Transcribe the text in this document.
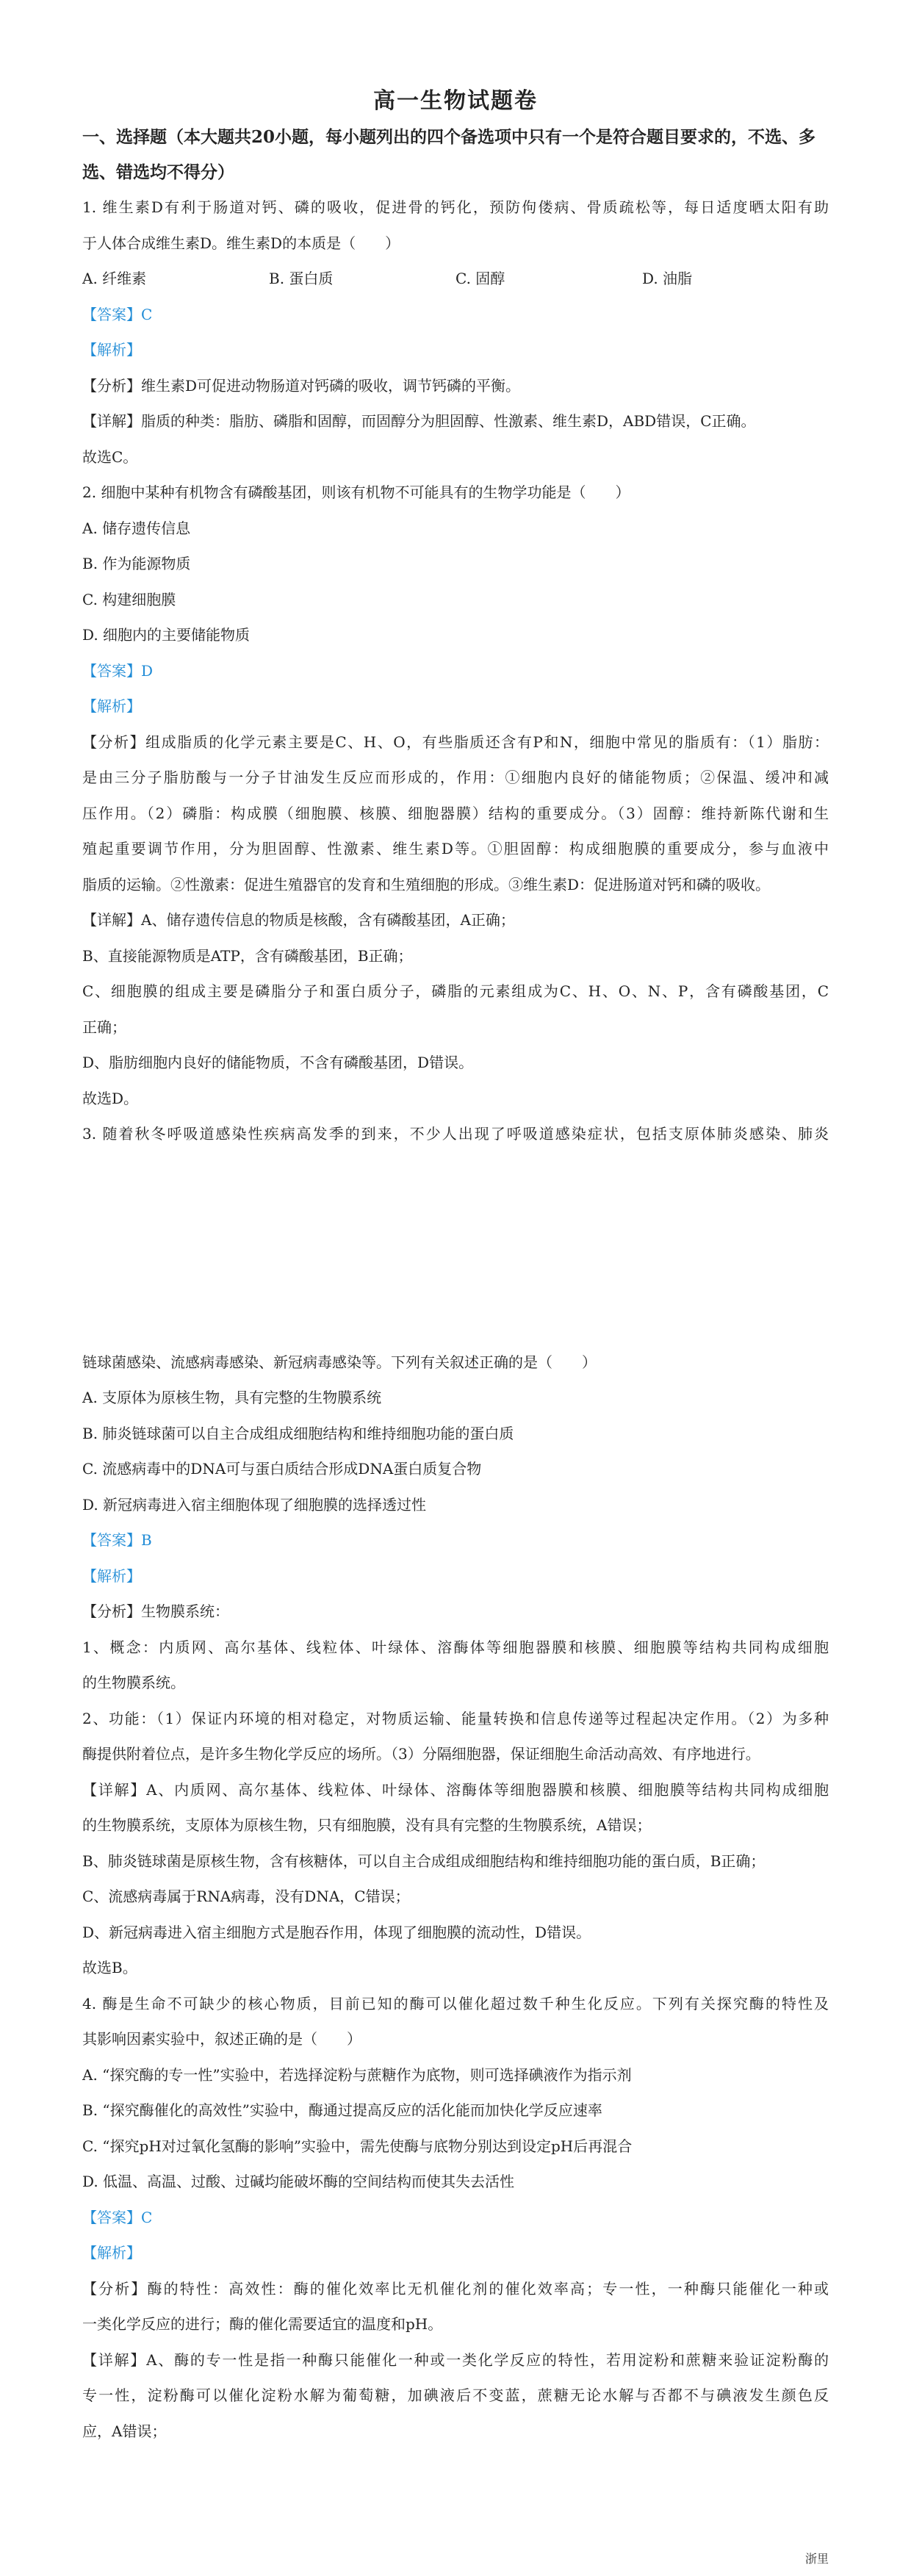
高一生物试题卷
一、选择题（本大题共20小题，每小题列出的四个备选项中只有一个是符合题目要求的，不选、多选、错选均不得分）

1. 维生素D有利于肠道对钙、磷的吸收，促进骨的钙化，预防佝偻病、骨质疏松等，每日适度晒太阳有助

于人体合成维生素D。维生素D的本质是（　　）

A. 纤维素	B. 蛋白质	C. 固醇	D. 油脂

【答案】C

【解析】

【分析】维生素D可促进动物肠道对钙磷的吸收，调节钙磷的平衡。

【详解】脂质的种类：脂肪、磷脂和固醇，而固醇分为胆固醇、性激素、维生素D，ABD错误，C正确。

故选C。

2. 细胞中某种有机物含有磷酸基团，则该有机物不可能具有的生物学功能是（　　）

A. 储存遗传信息

B. 作为能源物质

C. 构建细胞膜

D. 细胞内的主要储能物质

【答案】D

【解析】

【分析】组成脂质的化学元素主要是C、H、O，有些脂质还含有P和N，细胞中常见的脂质有：（1）脂肪：

是由三分子脂肪酸与一分子甘油发生反应而形成的，作用：①细胞内良好的储能物质；②保温、缓冲和减

压作用。（2）磷脂：构成膜（细胞膜、核膜、细胞器膜）结构的重要成分。（3）固醇：维持新陈代谢和生

殖起重要调节作用，分为胆固醇、性激素、维生素D等。①胆固醇：构成细胞膜的重要成分，参与血液中

脂质的运输。②性激素：促进生殖器官的发育和生殖细胞的形成。③维生素D：促进肠道对钙和磷的吸收。

【详解】A、储存遗传信息的物质是核酸，含有磷酸基团，A正确；

B、直接能源物质是ATP，含有磷酸基团，B正确；

C、细胞膜的组成主要是磷脂分子和蛋白质分子，磷脂的元素组成为C、H、O、N、P，含有磷酸基团，C

正确；

D、脂肪细胞内良好的储能物质，不含有磷酸基团，D错误。

故选D。

3. 随着秋冬呼吸道感染性疾病高发季的到来，不少人出现了呼吸道感染症状，包括支原体肺炎感染、肺炎

链球菌感染、流感病毒感染、新冠病毒感染等。下列有关叙述正确的是（　　）

A. 支原体为原核生物，具有完整的生物膜系统

B. 肺炎链球菌可以自主合成组成细胞结构和维持细胞功能的蛋白质

C. 流感病毒中的DNA可与蛋白质结合形成DNA蛋白质复合物

D. 新冠病毒进入宿主细胞体现了细胞膜的选择透过性

【答案】B

【解析】

【分析】生物膜系统：

1、概念：内质网、高尔基体、线粒体、叶绿体、溶酶体等细胞器膜和核膜、细胞膜等结构共同构成细胞

的生物膜系统。

2、功能：（1）保证内环境的相对稳定，对物质运输、能量转换和信息传递等过程起决定作用。（2）为多种

酶提供附着位点，是许多生物化学反应的场所。（3）分隔细胞器，保证细胞生命活动高效、有序地进行。

【详解】A、内质网、高尔基体、线粒体、叶绿体、溶酶体等细胞器膜和核膜、细胞膜等结构共同构成细胞

的生物膜系统，支原体为原核生物，只有细胞膜，没有具有完整的生物膜系统，A错误；

B、肺炎链球菌是原核生物，含有核糖体，可以自主合成组成细胞结构和维持细胞功能的蛋白质，B正确；

C、流感病毒属于RNA病毒，没有DNA，C错误；

D、新冠病毒进入宿主细胞方式是胞吞作用，体现了细胞膜的流动性，D错误。

故选B。

4. 酶是生命不可缺少的核心物质，目前已知的酶可以催化超过数千种生化反应。下列有关探究酶的特性及

其影响因素实验中，叙述正确的是（　　）

A. “探究酶的专一性”实验中，若选择淀粉与蔗糖作为底物，则可选择碘液作为指示剂

B. “探究酶催化的高效性”实验中，酶通过提高反应的活化能而加快化学反应速率

C. “探究pH对过氧化氢酶的影响”实验中，需先使酶与底物分别达到设定pH后再混合

D. 低温、高温、过酸、过碱均能破坏酶的空间结构而使其失去活性

【答案】C

【解析】

【分析】酶的特性：高效性：酶的催化效率比无机催化剂的催化效率高；专一性，一种酶只能催化一种或

一类化学反应的进行；酶的催化需要适宜的温度和pH。

【详解】A、酶的专一性是指一种酶只能催化一种或一类化学反应的特性，若用淀粉和蔗糖来验证淀粉酶的

专一性，淀粉酶可以催化淀粉水解为葡萄糖，加碘液后不变蓝，蔗糖无论水解与否都不与碘液发生颜色反

应，A错误；

浙里
